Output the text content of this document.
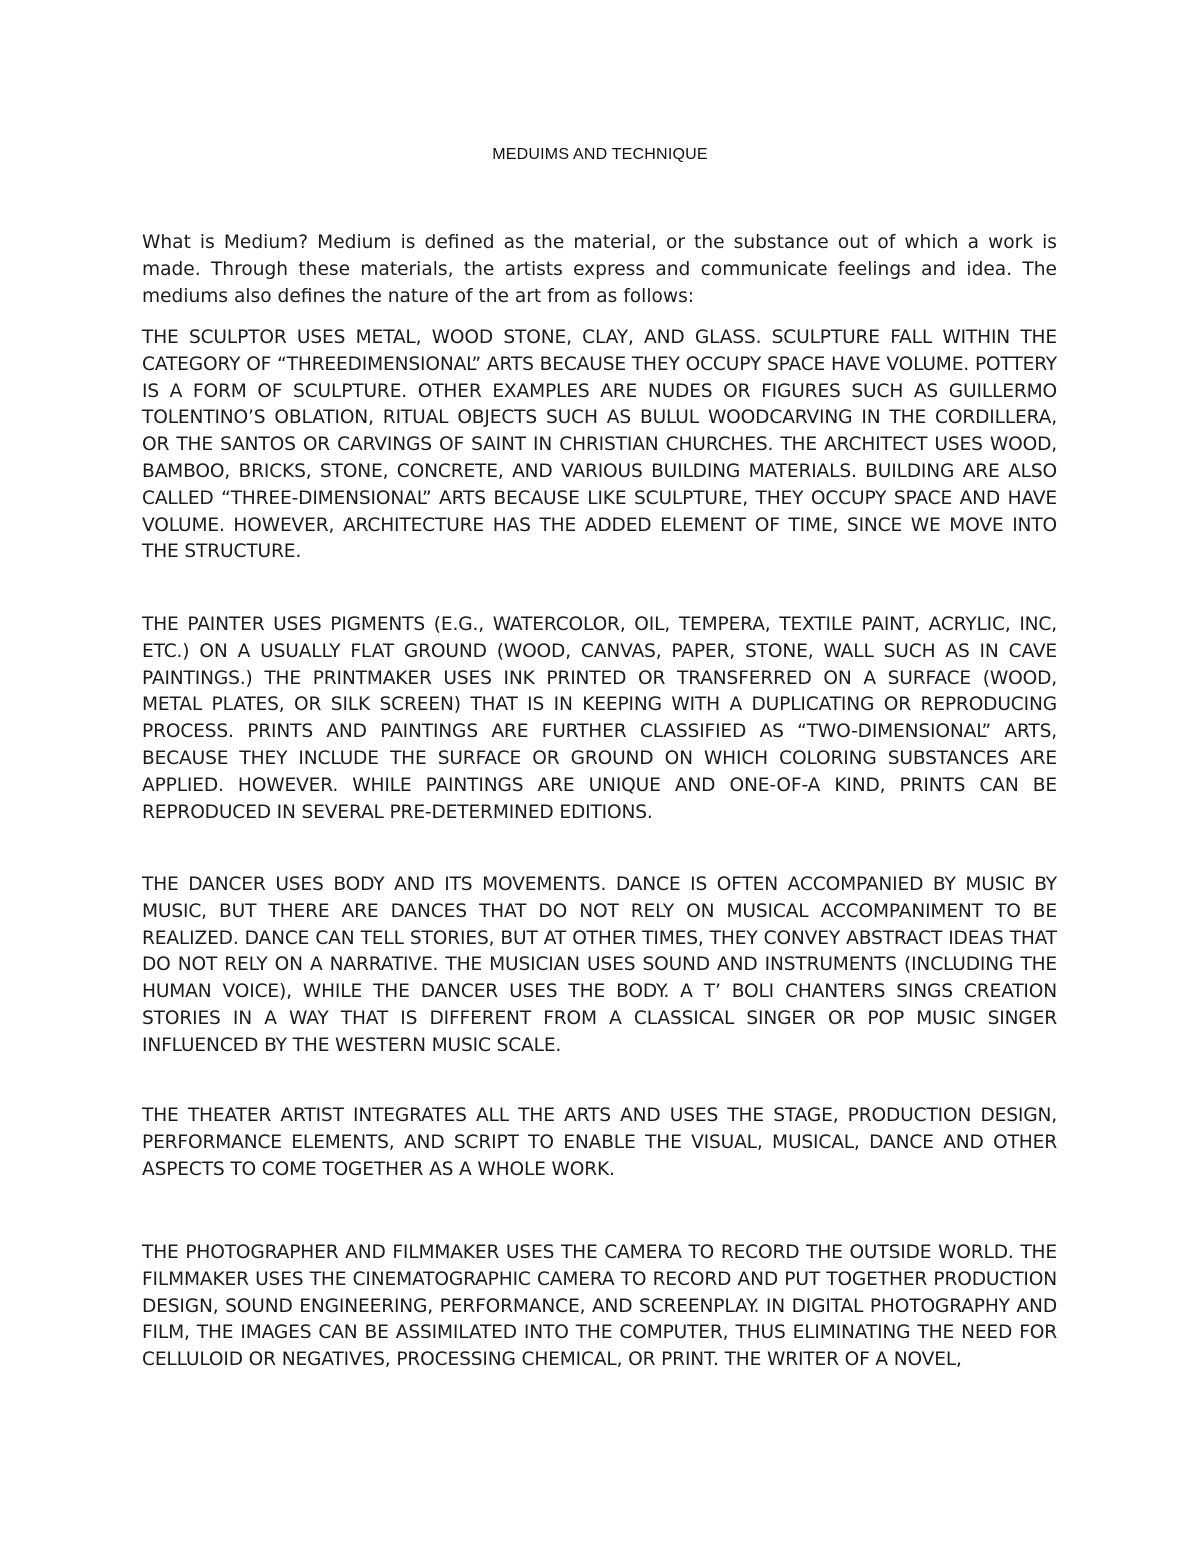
MEDUIMS AND TECHNIQUE

What is Medium? Medium is defined as the material, or the substance out of which a work is made. Through these materials, the artists express and communicate feelings and idea. The mediums also defines the nature of the art from as follows:

THE SCULPTOR USES METAL, WOOD STONE, CLAY, AND GLASS. SCULPTURE FALL WITHIN THE CATEGORY OF “THREEDIMENSIONAL” ARTS BECAUSE THEY OCCUPY SPACE HAVE VOLUME. POTTERY IS A FORM OF SCULPTURE. OTHER EXAMPLES ARE NUDES OR FIGURES SUCH AS GUILLERMO TOLENTINO’S OBLATION, RITUAL OBJECTS SUCH AS BULUL WOODCARVING IN THE CORDILLERA, OR THE SANTOS OR CARVINGS OF SAINT IN CHRISTIAN CHURCHES. THE ARCHITECT USES WOOD, BAMBOO, BRICKS, STONE, CONCRETE, AND VARIOUS BUILDING MATERIALS. BUILDING ARE ALSO CALLED “THREE-DIMENSIONAL” ARTS BECAUSE LIKE SCULPTURE, THEY OCCUPY SPACE AND HAVE VOLUME. HOWEVER, ARCHITECTURE HAS THE ADDED ELEMENT OF TIME, SINCE WE MOVE INTO THE STRUCTURE.

THE PAINTER USES PIGMENTS (E.G., WATERCOLOR, OIL, TEMPERA, TEXTILE PAINT, ACRYLIC, INC, ETC.) ON A USUALLY FLAT GROUND (WOOD, CANVAS, PAPER, STONE, WALL SUCH AS IN CAVE PAINTINGS.) THE PRINTMAKER USES INK PRINTED OR TRANSFERRED ON A SURFACE (WOOD, METAL PLATES, OR SILK SCREEN) THAT IS IN KEEPING WITH A DUPLICATING OR REPRODUCING PROCESS. PRINTS AND PAINTINGS ARE FURTHER CLASSIFIED AS “TWO-DIMENSIONAL” ARTS, BECAUSE THEY INCLUDE THE SURFACE OR GROUND ON WHICH COLORING SUBSTANCES ARE APPLIED. HOWEVER. WHILE PAINTINGS ARE UNIQUE AND ONE-OF-A KIND, PRINTS CAN BE REPRODUCED IN SEVERAL PRE-DETERMINED EDITIONS.

THE DANCER USES BODY AND ITS MOVEMENTS. DANCE IS OFTEN ACCOMPANIED BY MUSIC BY MUSIC, BUT THERE ARE DANCES THAT DO NOT RELY ON MUSICAL ACCOMPANIMENT TO BE REALIZED. DANCE CAN TELL STORIES, BUT AT OTHER TIMES, THEY CONVEY ABSTRACT IDEAS THAT DO NOT RELY ON A NARRATIVE. THE MUSICIAN USES SOUND AND INSTRUMENTS (INCLUDING THE HUMAN VOICE), WHILE THE DANCER USES THE BODY. A T’ BOLI CHANTERS SINGS CREATION STORIES IN A WAY THAT IS DIFFERENT FROM A CLASSICAL SINGER OR POP MUSIC SINGER INFLUENCED BY THE WESTERN MUSIC SCALE.

THE THEATER ARTIST INTEGRATES ALL THE ARTS AND USES THE STAGE, PRODUCTION DESIGN, PERFORMANCE ELEMENTS, AND SCRIPT TO ENABLE THE VISUAL, MUSICAL, DANCE AND OTHER ASPECTS TO COME TOGETHER AS A WHOLE WORK.

THE PHOTOGRAPHER AND FILMMAKER USES THE CAMERA TO RECORD THE OUTSIDE WORLD. THE FILMMAKER USES THE CINEMATOGRAPHIC CAMERA TO RECORD AND PUT TOGETHER PRODUCTION DESIGN, SOUND ENGINEERING, PERFORMANCE, AND SCREENPLAY. IN DIGITAL PHOTOGRAPHY AND FILM, THE IMAGES CAN BE ASSIMILATED INTO THE COMPUTER, THUS ELIMINATING THE NEED FOR CELLULOID OR NEGATIVES, PROCESSING CHEMICAL, OR PRINT. THE WRITER OF A NOVEL,
